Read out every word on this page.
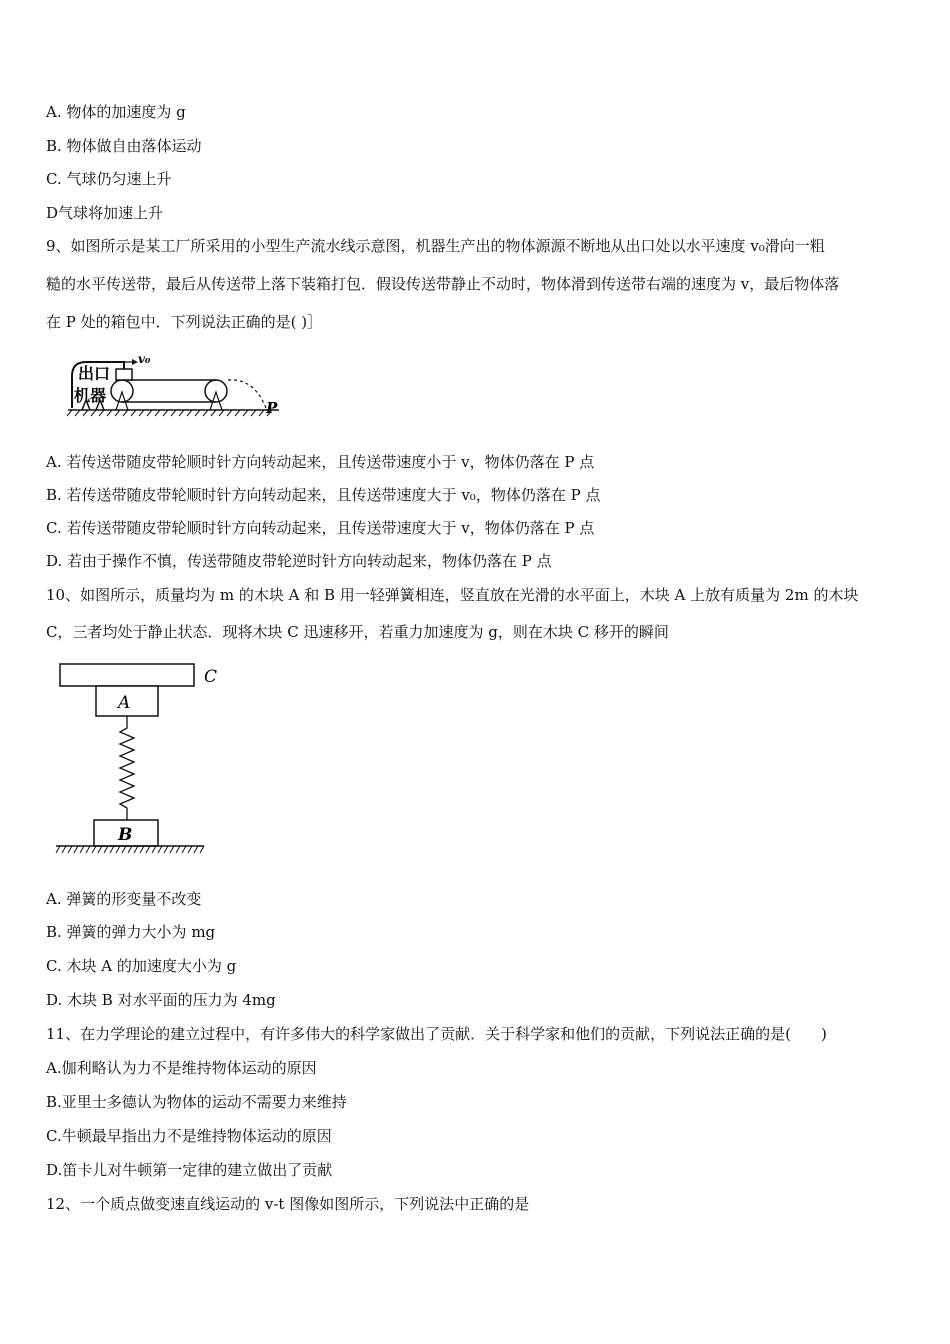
A. 物体的加速度为 g
B. 物体做自由落体运动
C. 气球仍匀速上升
D气球将加速上升
9、如图所示是某工厂所采用的小型生产流水线示意图，机器生产出的物体源源不断地从出口处以水平速度 v₀滑向一粗
糙的水平传送带，最后从传送带上落下装箱打包．假设传送带静止不动时，物体滑到传送带右端的速度为 v，最后物体落
在 P 处的箱包中．下列说法正确的是( )］
出口
机器
v₀
P
A. 若传送带随皮带轮顺时针方向转动起来，且传送带速度小于 v，物体仍落在 P 点
B. 若传送带随皮带轮顺时针方向转动起来，且传送带速度大于 v₀，物体仍落在 P 点
C. 若传送带随皮带轮顺时针方向转动起来，且传送带速度大于 v，物体仍落在 P 点
D. 若由于操作不慎，传送带随皮带轮逆时针方向转动起来，物体仍落在 P 点
10、如图所示，质量均为 m 的木块 A 和 B 用一轻弹簧相连，竖直放在光滑的水平面上，木块 A 上放有质量为 2m 的木块
C，三者均处于静止状态．现将木块 C 迅速移开，若重力加速度为 g，则在木块 C 移开的瞬间
C
A
B
A. 弹簧的形变量不改变
B. 弹簧的弹力大小为 mg
C. 木块 A 的加速度大小为 g
D. 木块 B 对水平面的压力为 4mg
11、在力学理论的建立过程中，有许多伟大的科学家做出了贡献．关于科学家和他们的贡献，下列说法正确的是(　　)
A.伽利略认为力不是维持物体运动的原因
B.亚里士多德认为物体的运动不需要力来维持
C.牛顿最早指出力不是维持物体运动的原因
D.笛卡儿对牛顿第一定律的建立做出了贡献
12、一个质点做变速直线运动的 v-t 图像如图所示，下列说法中正确的是
